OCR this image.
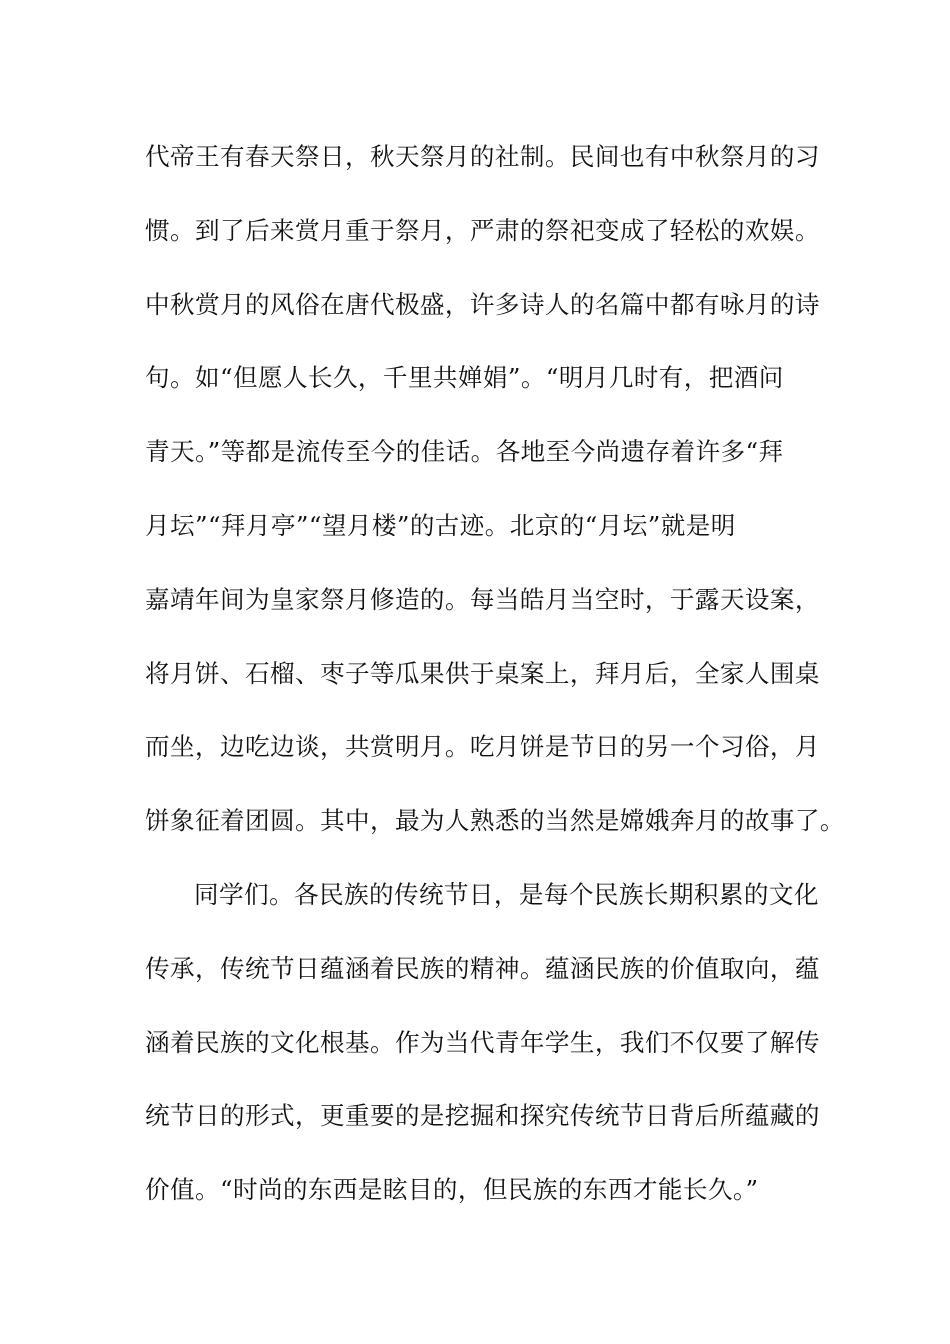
代帝王有春天祭日，秋天祭月的社制。民间也有中秋祭月的习
惯。到了后来赏月重于祭月，严肃的祭祀变成了轻松的欢娱。
中秋赏月的风俗在唐代极盛，许多诗人的名篇中都有咏月的诗
句。如“但愿人长久，千里共婵娟”。“明月几时有，把酒问
青天。”等都是流传至今的佳话。各地至今尚遗存着许多“拜
月坛”“拜月亭”“望月楼”的古迹。北京的“月坛”就是明
嘉靖年间为皇家祭月修造的。每当皓月当空时，于露天设案，
将月饼、石榴、枣子等瓜果供于桌案上，拜月后，全家人围桌
而坐，边吃边谈，共赏明月。吃月饼是节日的另一个习俗，月
饼象征着团圆。其中，最为人熟悉的当然是嫦娥奔月的故事了。
同学们。各民族的传统节日，是每个民族长期积累的文化
传承，传统节日蕴涵着民族的精神。蕴涵民族的价值取向，蕴
涵着民族的文化根基。作为当代青年学生，我们不仅要了解传
统节日的形式，更重要的是挖掘和探究传统节日背后所蕴藏的
价值。“时尚的东西是眩目的，但民族的东西才能长久。”
